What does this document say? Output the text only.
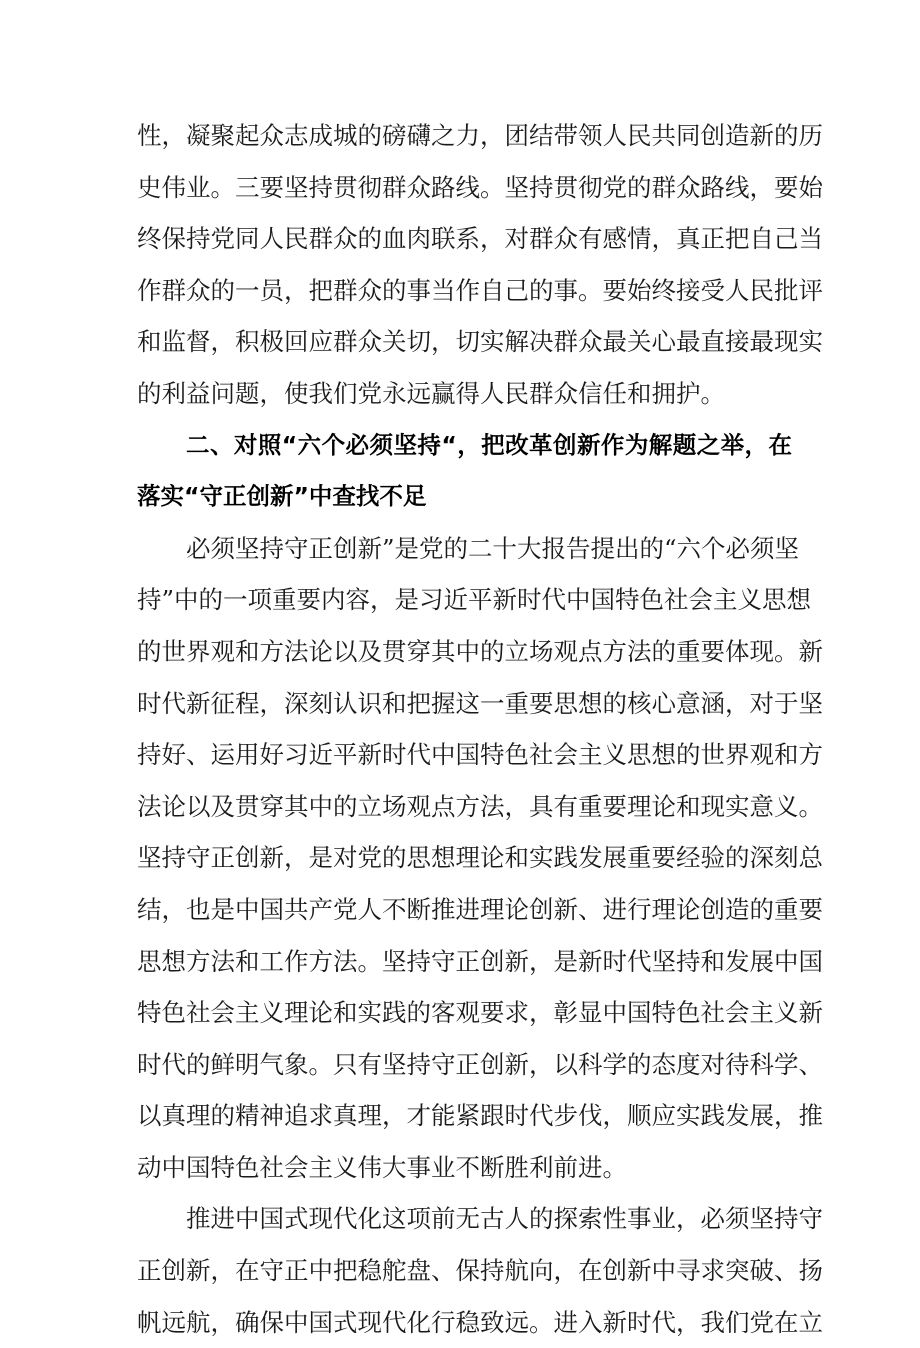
性，凝聚起众志成城的磅礴之力，团结带领人民共同创造新的历
史伟业。三要坚持贯彻群众路线。坚持贯彻党的群众路线，要始
终保持党同人民群众的血肉联系，对群众有感情，真正把自己当
作群众的一员，把群众的事当作自己的事。要始终接受人民批评
和监督，积极回应群众关切，切实解决群众最关心最直接最现实
的利益问题，使我们党永远赢得人民群众信任和拥护。
二、对照“六个必须坚持“，把改革创新作为解题之举，在
落实“守正创新”中查找不足
必须坚持守正创新”是党的二十大报告提出的“六个必须坚
持”中的一项重要内容，是习近平新时代中国特色社会主义思想
的世界观和方法论以及贯穿其中的立场观点方法的重要体现。新
时代新征程，深刻认识和把握这一重要思想的核心意涵，对于坚
持好、运用好习近平新时代中国特色社会主义思想的世界观和方
法论以及贯穿其中的立场观点方法，具有重要理论和现实意义。
坚持守正创新，是对党的思想理论和实践发展重要经验的深刻总
结，也是中国共产党人不断推进理论创新、进行理论创造的重要
思想方法和工作方法。坚持守正创新，是新时代坚持和发展中国
特色社会主义理论和实践的客观要求，彰显中国特色社会主义新
时代的鲜明气象。只有坚持守正创新，以科学的态度对待科学、
以真理的精神追求真理，才能紧跟时代步伐，顺应实践发展，推
动中国特色社会主义伟大事业不断胜利前进。
推进中国式现代化这项前无古人的探索性事业，必须坚持守
正创新，在守正中把稳舵盘、保持航向，在创新中寻求突破、扬
帆远航，确保中国式现代化行稳致远。进入新时代，我们党在立
